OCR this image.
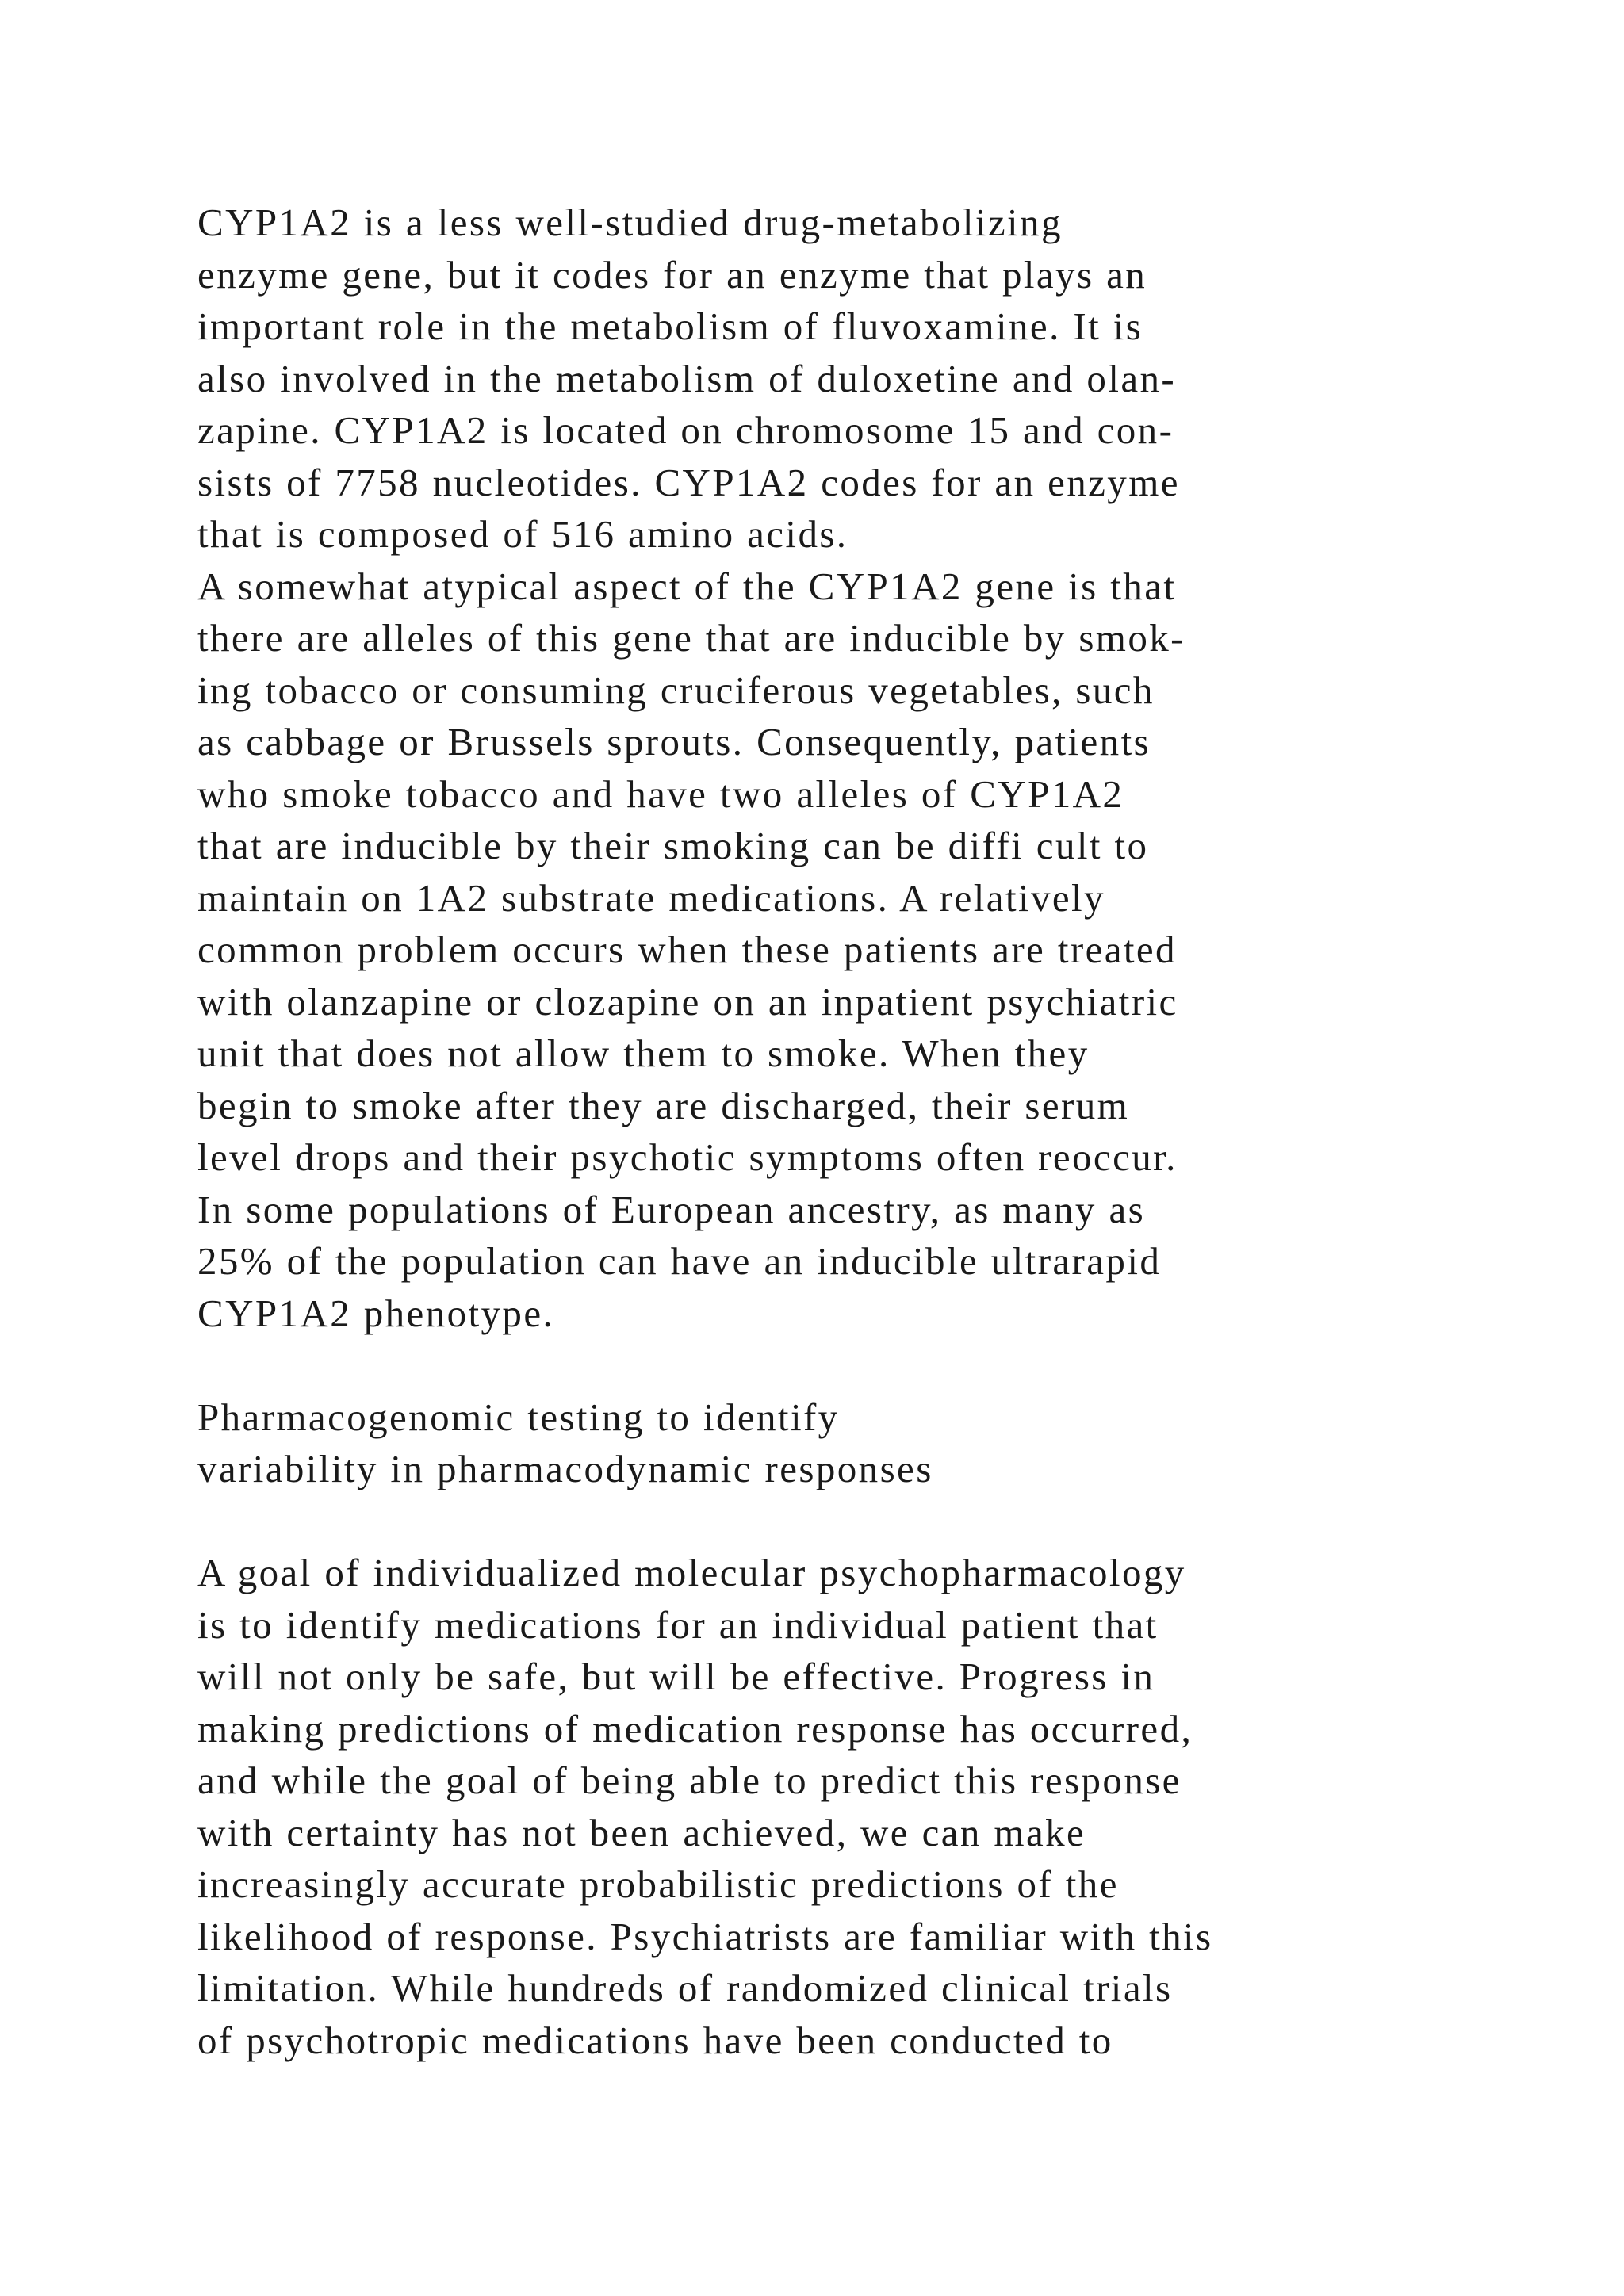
CYP1A2 is a less well-studied drug-metabolizing
enzyme gene, but it codes for an enzyme that plays an
important role in the metabolism of fluvoxamine. It is
also involved in the metabolism of duloxetine and olan-
zapine. CYP1A2 is located on chromosome 15 and con-
sists of 7758 nucleotides. CYP1A2 codes for an enzyme
that is composed of 516 amino acids.
A somewhat atypical aspect of the CYP1A2 gene is that
there are alleles of this gene that are inducible by smok-
ing tobacco or consuming cruciferous vegetables, such
as cabbage or Brussels sprouts. Consequently, patients
who smoke tobacco and have two alleles of CYP1A2
that are inducible by their smoking can be diffi cult to
maintain on 1A2 substrate medications. A relatively
common problem occurs when these patients are treated
with olanzapine or clozapine on an inpatient psychiatric
unit that does not allow them to smoke. When they
begin to smoke after they are discharged, their serum
level drops and their psychotic symptoms often reoccur.
In some populations of European ancestry, as many as
25% of the population can have an inducible ultrarapid
CYP1A2 phenotype.
Pharmacogenomic testing to identify
variability in pharmacodynamic responses
A goal of individualized molecular psychopharmacology
is to identify medications for an individual patient that
will not only be safe, but will be effective. Progress in
making predictions of medication response has occurred,
and while the goal of being able to predict this response
with certainty has not been achieved, we can make
increasingly accurate probabilistic predictions of the
likelihood of response. Psychiatrists are familiar with this
limitation. While hundreds of randomized clinical trials
of psychotropic medications have been conducted to
